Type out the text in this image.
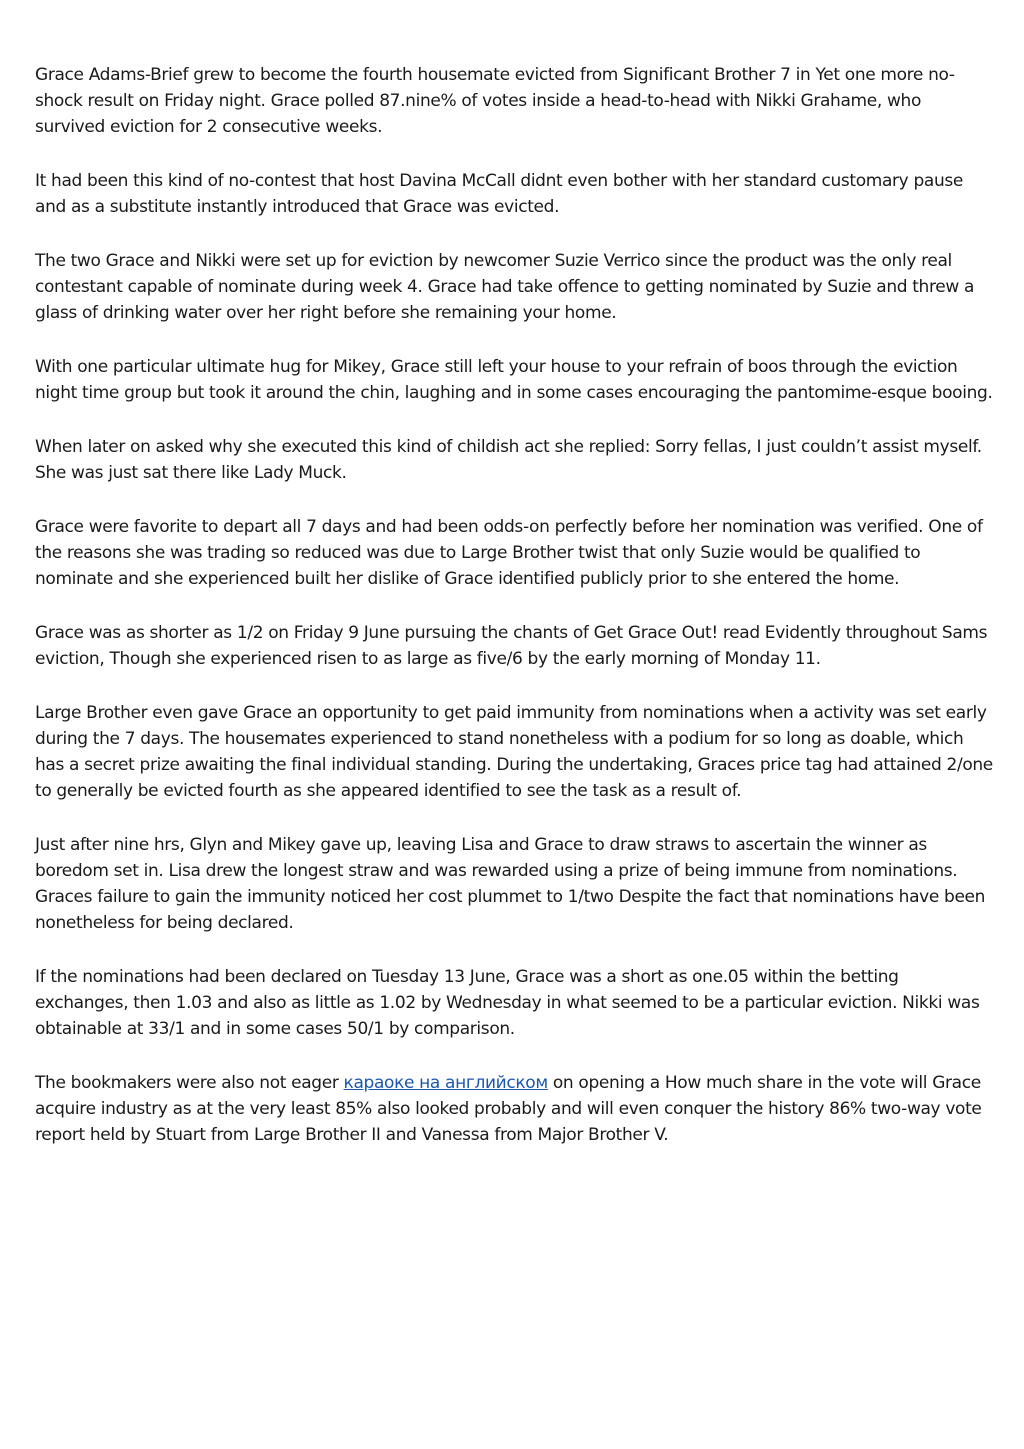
Grace Adams-Brief grew to become the fourth housemate evicted from Significant Brother 7 in Yet one more no-shock result on Friday night. Grace polled 87.nine% of votes inside a head-to-head with Nikki Grahame, who survived eviction for 2 consecutive weeks.

It had been this kind of no-contest that host Davina McCall didnt even bother with her standard customary pause and as a substitute instantly introduced that Grace was evicted.

The two Grace and Nikki were set up for eviction by newcomer Suzie Verrico since the product was the only real contestant capable of nominate during week 4. Grace had take offence to getting nominated by Suzie and threw a glass of drinking water over her right before she remaining your home.

With one particular ultimate hug for Mikey, Grace still left your house to your refrain of boos through the eviction night time group but took it around the chin, laughing and in some cases encouraging the pantomime-esque booing.

When later on asked why she executed this kind of childish act she replied: Sorry fellas, I just couldn’t assist myself. She was just sat there like Lady Muck.

Grace were favorite to depart all 7 days and had been odds-on perfectly before her nomination was verified. One of the reasons she was trading so reduced was due to Large Brother twist that only Suzie would be qualified to nominate and she experienced built her dislike of Grace identified publicly prior to she entered the home.

Grace was as shorter as 1/2 on Friday 9 June pursuing the chants of Get Grace Out! read Evidently throughout Sams eviction, Though she experienced risen to as large as five/6 by the early morning of Monday 11.

Large Brother even gave Grace an opportunity to get paid immunity from nominations when a activity was set early during the 7 days. The housemates experienced to stand nonetheless with a podium for so long as doable, which has a secret prize awaiting the final individual standing. During the undertaking, Graces price tag had attained 2/one to generally be evicted fourth as she appeared identified to see the task as a result of.

Just after nine hrs, Glyn and Mikey gave up, leaving Lisa and Grace to draw straws to ascertain the winner as boredom set in. Lisa drew the longest straw and was rewarded using a prize of being immune from nominations. Graces failure to gain the immunity noticed her cost plummet to 1/two Despite the fact that nominations have been nonetheless for being declared.

If the nominations had been declared on Tuesday 13 June, Grace was a short as one.05 within the betting exchanges, then 1.03 and also as little as 1.02 by Wednesday in what seemed to be a particular eviction. Nikki was obtainable at 33/1 and in some cases 50/1 by comparison.

The bookmakers were also not eager караоке на английском on opening a How much share in the vote will Grace acquire industry as at the very least 85% also looked probably and will even conquer the history 86% two-way vote report held by Stuart from Large Brother II and Vanessa from Major Brother V.
